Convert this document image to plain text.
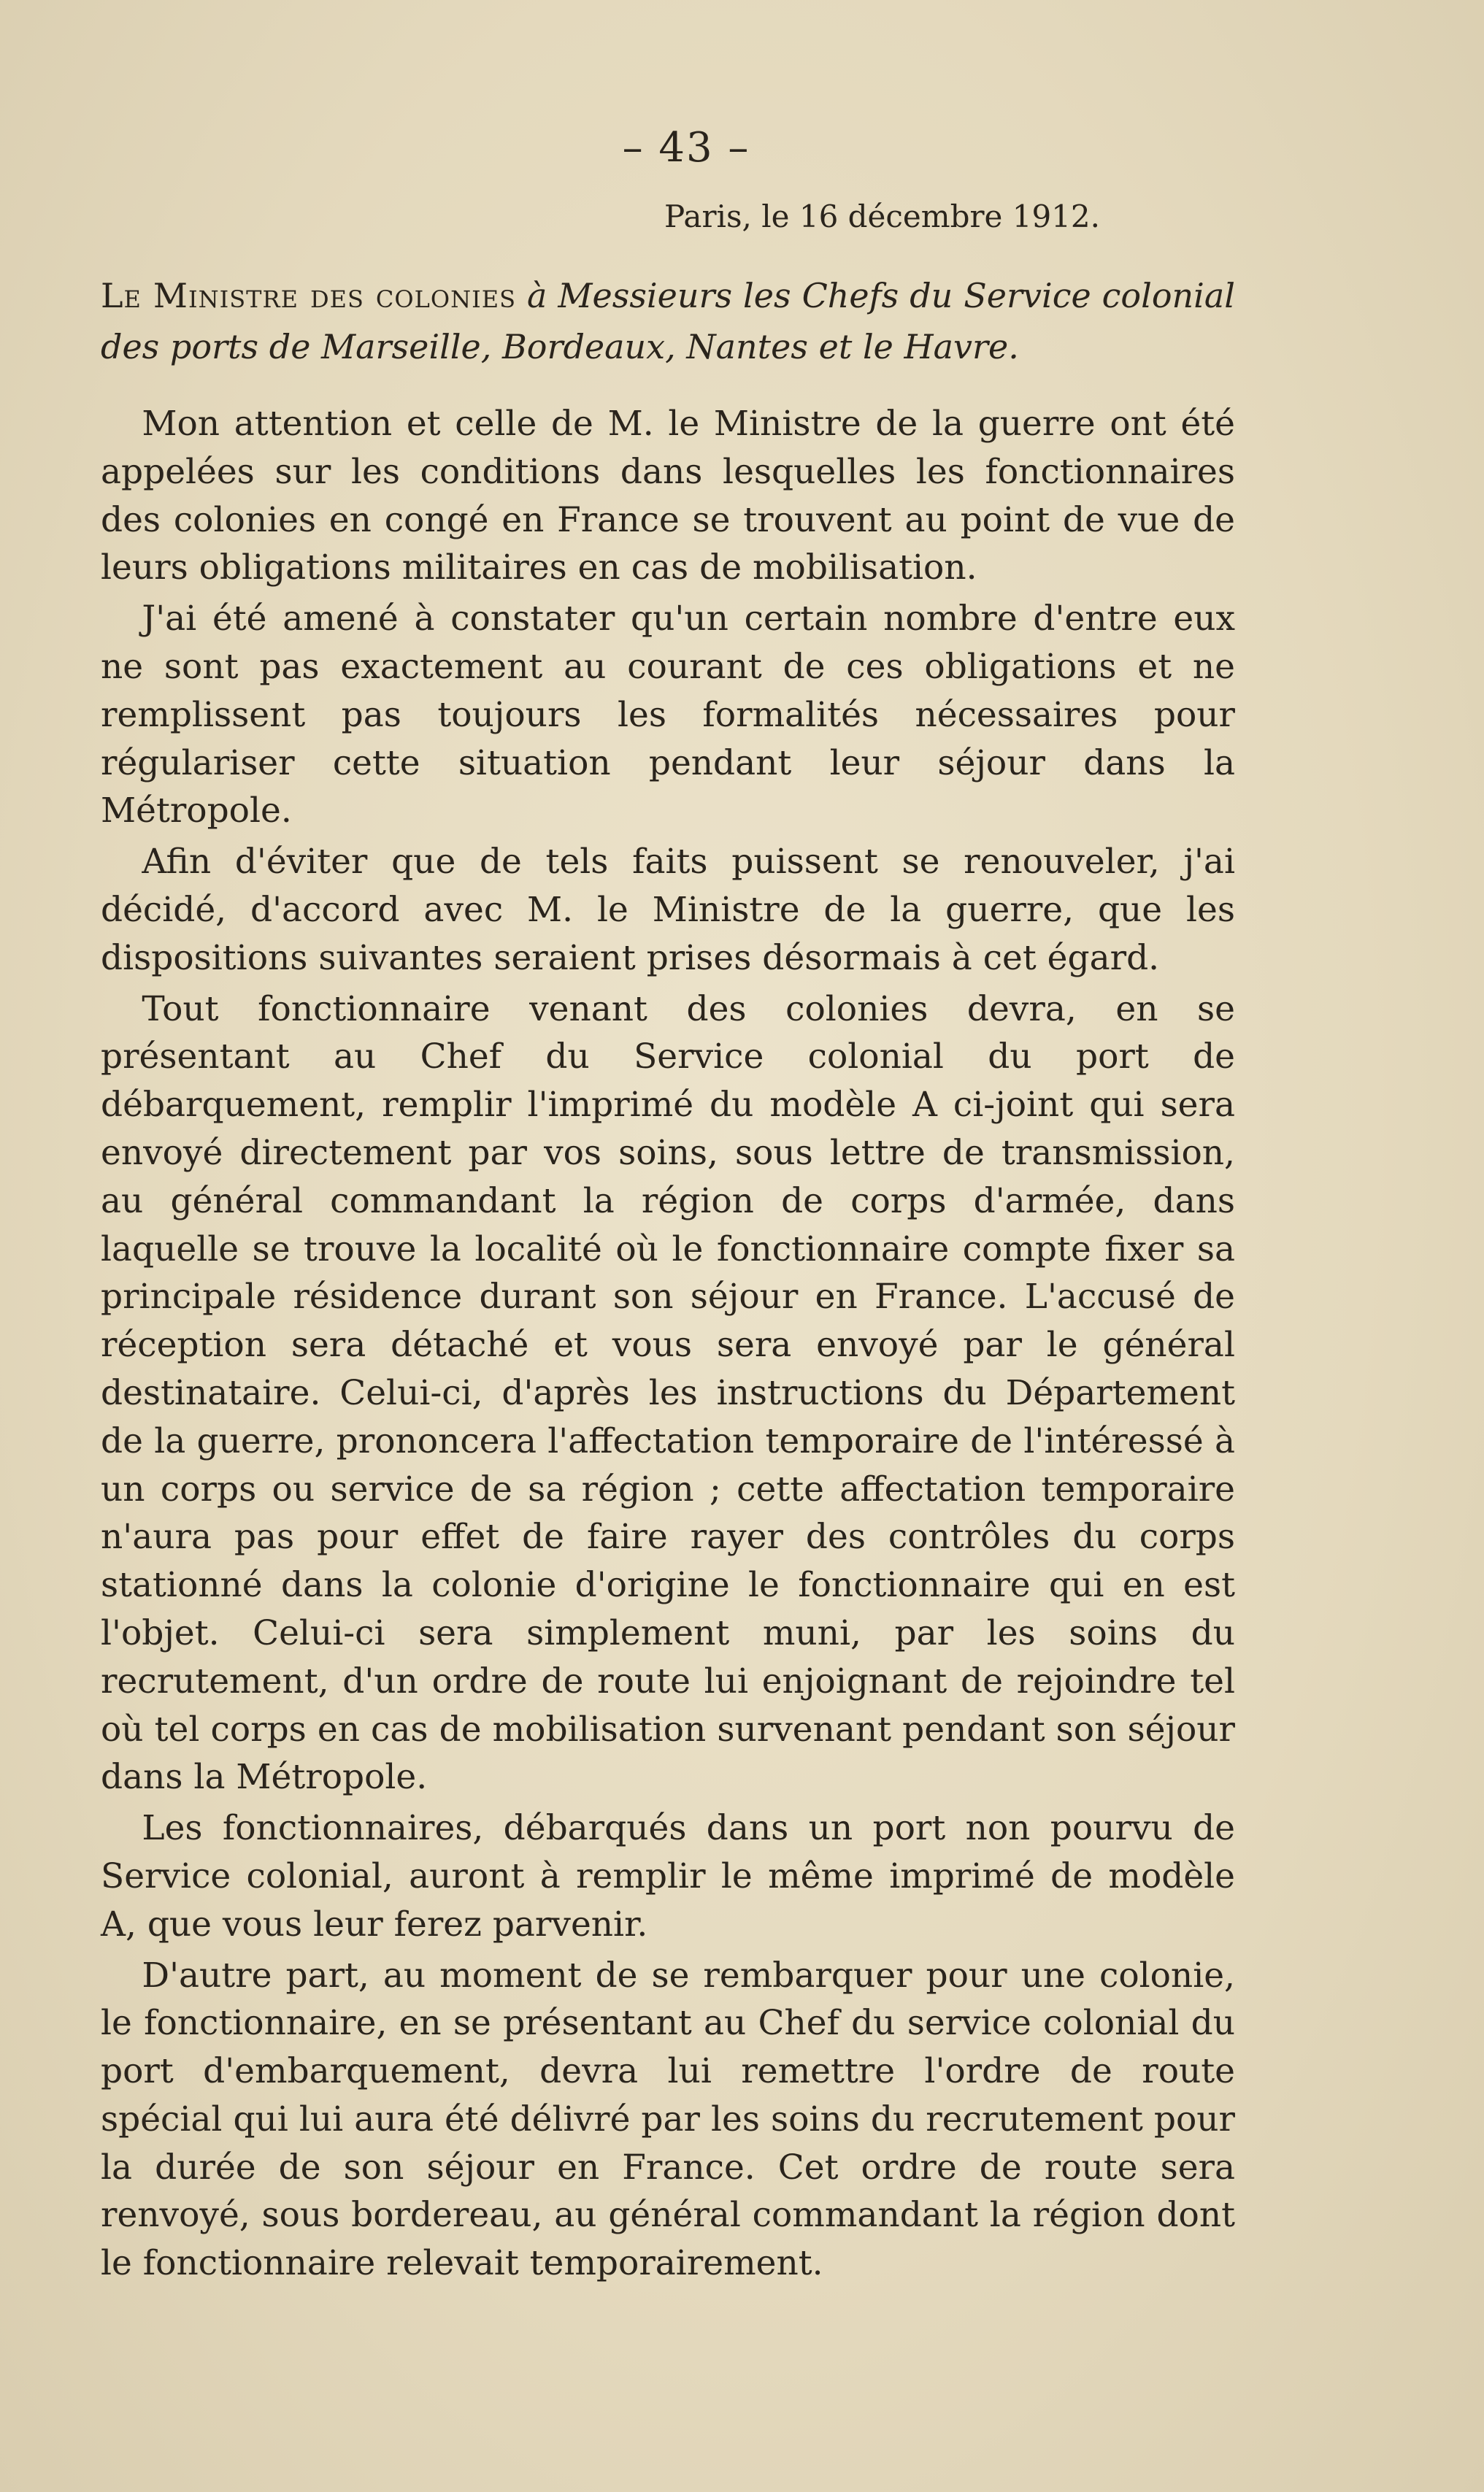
– 43 –
Paris, le 16 décembre 1912.
Le Ministre des colonies à Messieurs les Chefs du Service colonial des ports de Marseille, Bordeaux, Nantes et le Havre.

Mon attention et celle de M. le Ministre de la guerre ont été appelées sur les conditions dans lesquelles les fonctionnaires des colonies en congé en France se trouvent au point de vue de leurs obligations militaires en cas de mobilisation.

J'ai été amené à constater qu'un certain nombre d'entre eux ne sont pas exactement au courant de ces obligations et ne remplissent pas toujours les formalités nécessaires pour régulariser cette situation pendant leur séjour dans la Métropole.

Afin d'éviter que de tels faits puissent se renouveler, j'ai décidé, d'accord avec M. le Ministre de la guerre, que les dispositions suivantes seraient prises désormais à cet égard.

Tout fonctionnaire venant des colonies devra, en se présentant au Chef du Service colonial du port de débarquement, remplir l'imprimé du modèle A ci-joint qui sera envoyé directement par vos soins, sous lettre de transmission, au général commandant la région de corps d'armée, dans laquelle se trouve la localité où le fonctionnaire compte fixer sa principale résidence durant son séjour en France. L'accusé de réception sera détaché et vous sera envoyé par le général destinataire. Celui-ci, d'après les instructions du Département de la guerre, prononcera l'affectation temporaire de l'intéressé à un corps ou service de sa région ; cette affectation temporaire n'aura pas pour effet de faire rayer des contrôles du corps stationné dans la colonie d'origine le fonctionnaire qui en est l'objet. Celui-ci sera simplement muni, par les soins du recrutement, d'un ordre de route lui enjoignant de rejoindre tel où tel corps en cas de mobilisation survenant pendant son séjour dans la Métropole.

Les fonctionnaires, débarqués dans un port non pourvu de Service colonial, auront à remplir le même imprimé de modèle A, que vous leur ferez parvenir.

D'autre part, au moment de se rembarquer pour une colonie, le fonctionnaire, en se présentant au Chef du service colonial du port d'embarquement, devra lui remettre l'ordre de route spécial qui lui aura été délivré par les soins du recrutement pour la durée de son séjour en France. Cet ordre de route sera renvoyé, sous bordereau, au général commandant la région dont le fonctionnaire relevait temporairement.
